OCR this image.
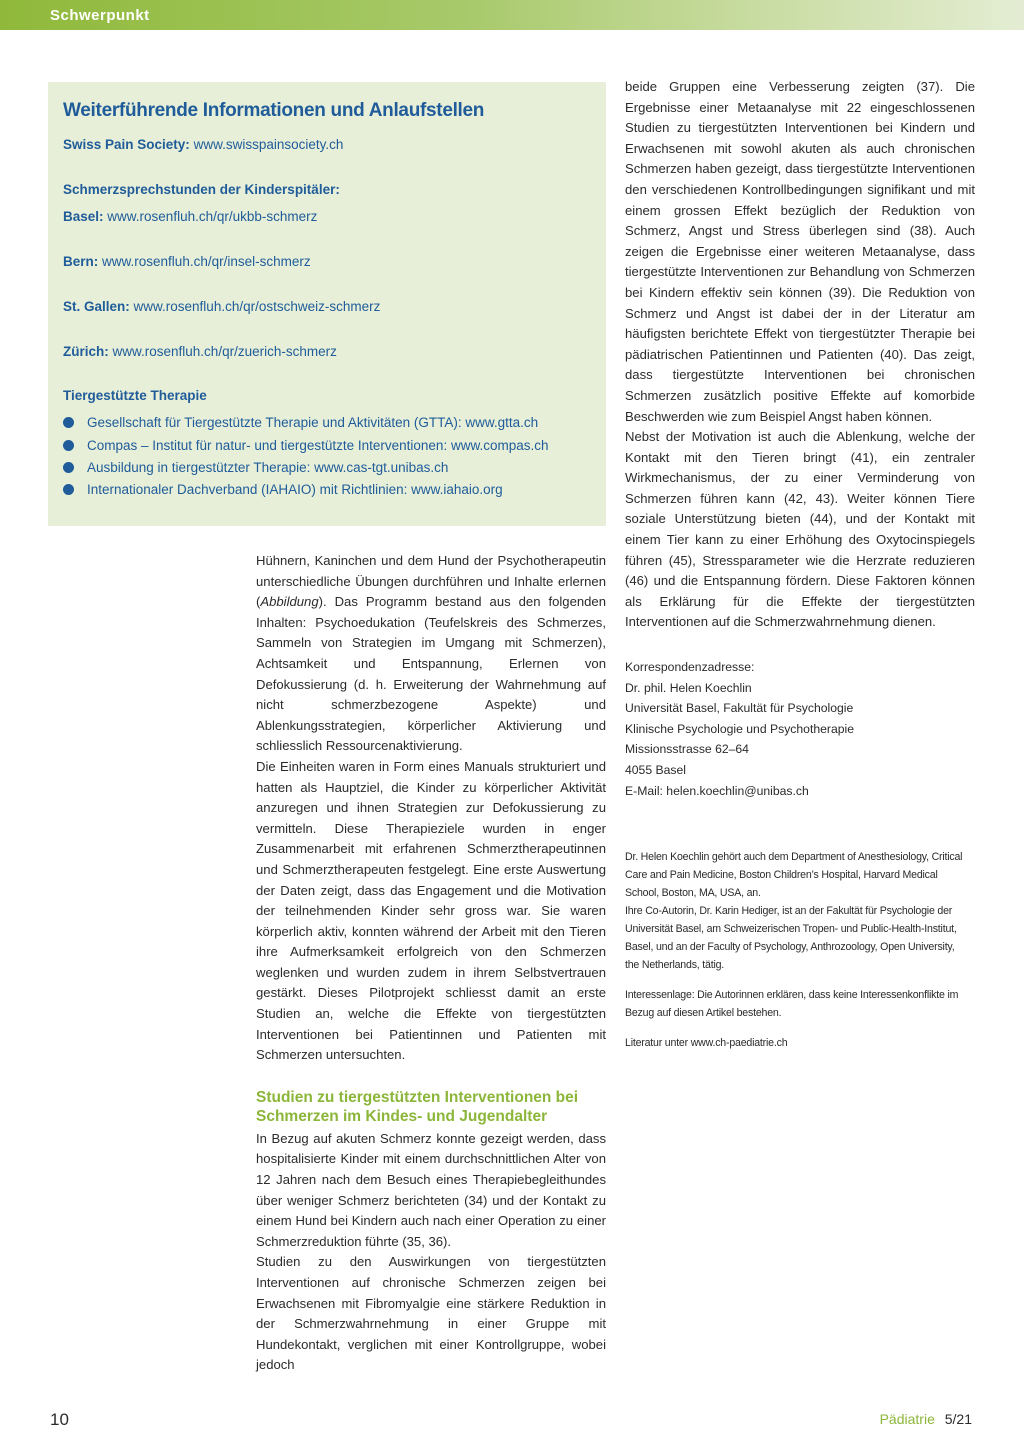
Schwerpunkt
Weiterführende Informationen und Anlaufstellen
Swiss Pain Society: www.swisspainsociety.ch
Schmerzsprechstunden der Kinderspitäler:
Basel: www.rosenfluh.ch/qr/ukbb-schmerz
Bern: www.rosenfluh.ch/qr/insel-schmerz
St. Gallen: www.rosenfluh.ch/qr/ostschweiz-schmerz
Zürich: www.rosenfluh.ch/qr/zuerich-schmerz
Tiergestützte Therapie
Gesellschaft für Tiergestützte Therapie und Aktivitäten (GTTA): www.gtta.ch
Compas – Institut für natur- und tiergestützte Interventionen: www.compas.ch
Ausbildung in tiergestützter Therapie: www.cas-tgt.unibas.ch
Internationaler Dachverband (IAHAIO) mit Richtlinien: www.iahaio.org

Hühnern, Kaninchen und dem Hund der Psychotherapeutin unterschiedliche Übungen durchführen und Inhalte erlernen (Abbildung). Das Programm bestand aus den folgenden Inhalten: Psychoedukation (Teufelskreis des Schmerzes, Sammeln von Strategien im Umgang mit Schmerzen), Achtsamkeit und Entspannung, Erlernen von Defokussierung (d. h. Erweiterung der Wahrnehmung auf nicht schmerzbezogene Aspekte) und Ablenkungsstrategien, körperlicher Aktivierung und schliesslich Ressourcenaktivierung.

Die Einheiten waren in Form eines Manuals strukturiert und hatten als Hauptziel, die Kinder zu körperlicher Aktivität anzuregen und ihnen Strategien zur Defokussierung zu vermitteln. Diese Therapieziele wurden in enger Zusammenarbeit mit erfahrenen Schmerztherapeutinnen und Schmerztherapeuten festgelegt. Eine erste Auswertung der Daten zeigt, dass das Engagement und die Motivation der teilnehmenden Kinder sehr gross war. Sie waren körperlich aktiv, konnten während der Arbeit mit den Tieren ihre Aufmerksamkeit erfolgreich von den Schmerzen weglenken und wurden zudem in ihrem Selbstvertrauen gestärkt. Dieses Pilotprojekt schliesst damit an erste Studien an, welche die Effekte von tiergestützten Interventionen bei Patientinnen und Patienten mit Schmerzen untersuchten.

Studien zu tiergestützten Interventionen bei Schmerzen im Kindes- und Jugendalter

In Bezug auf akuten Schmerz konnte gezeigt werden, dass hospitalisierte Kinder mit einem durchschnittlichen Alter von 12 Jahren nach dem Besuch eines Therapiebegleithundes über weniger Schmerz berichteten (34) und der Kontakt zu einem Hund bei Kindern auch nach einer Operation zu einer Schmerzreduktion führte (35, 36).

Studien zu den Auswirkungen von tiergestützten Interventionen auf chronische Schmerzen zeigen bei Erwachsenen mit Fibromyalgie eine stärkere Reduktion in der Schmerzwahrnehmung in einer Gruppe mit Hundekontakt, verglichen mit einer Kontrollgruppe, wobei jedoch

beide Gruppen eine Verbesserung zeigten (37). Die Ergebnisse einer Metaanalyse mit 22 eingeschlossenen Studien zu tiergestützten Interventionen bei Kindern und Erwachsenen mit sowohl akuten als auch chronischen Schmerzen haben gezeigt, dass tiergestützte Interventionen den verschiedenen Kontrollbedingungen signifikant und mit einem grossen Effekt bezüglich der Reduktion von Schmerz, Angst und Stress überlegen sind (38). Auch zeigen die Ergebnisse einer weiteren Metaanalyse, dass tiergestützte Interventionen zur Behandlung von Schmerzen bei Kindern effektiv sein können (39). Die Reduktion von Schmerz und Angst ist dabei der in der Literatur am häufigsten berichtete Effekt von tiergestützter Therapie bei pädiatrischen Patientinnen und Patienten (40). Das zeigt, dass tiergestützte Interventionen bei chronischen Schmerzen zusätzlich positive Effekte auf komorbide Beschwerden wie zum Beispiel Angst haben können.

Nebst der Motivation ist auch die Ablenkung, welche der Kontakt mit den Tieren bringt (41), ein zentraler Wirkmechanismus, der zu einer Verminderung von Schmerzen führen kann (42, 43). Weiter können Tiere soziale Unterstützung bieten (44), und der Kontakt mit einem Tier kann zu einer Erhöhung des Oxytocinspiegels führen (45), Stressparameter wie die Herzrate reduzieren (46) und die Entspannung fördern. Diese Faktoren können als Erklärung für die Effekte der tiergestützten Interventionen auf die Schmerzwahrnehmung dienen.

Korrespondenzadresse:

Dr. phil. Helen Koechlin

Universität Basel, Fakultät für Psychologie

Klinische Psychologie und Psychotherapie

Missionsstrasse 62–64

4055 Basel

E-Mail: helen.koechlin@unibas.ch

Dr. Helen Koechlin gehört auch dem Department of Anesthesiology, Critical Care and Pain Medicine, Boston Children’s Hospital, Harvard Medical School, Boston, MA, USA, an.

Ihre Co-Autorin, Dr. Karin Hediger, ist an der Fakultät für Psychologie der Universität Basel, am Schweizerischen Tropen- und Public-Health-Institut, Basel, und an der Faculty of Psychology, Anthrozoology, Open University, the Netherlands, tätig.

Interessenlage: Die Autorinnen erklären, dass keine Interessenkonflikte im Bezug auf diesen Artikel bestehen.

Literatur unter www.ch-paediatrie.ch

10	Pädiatrie 5/21
